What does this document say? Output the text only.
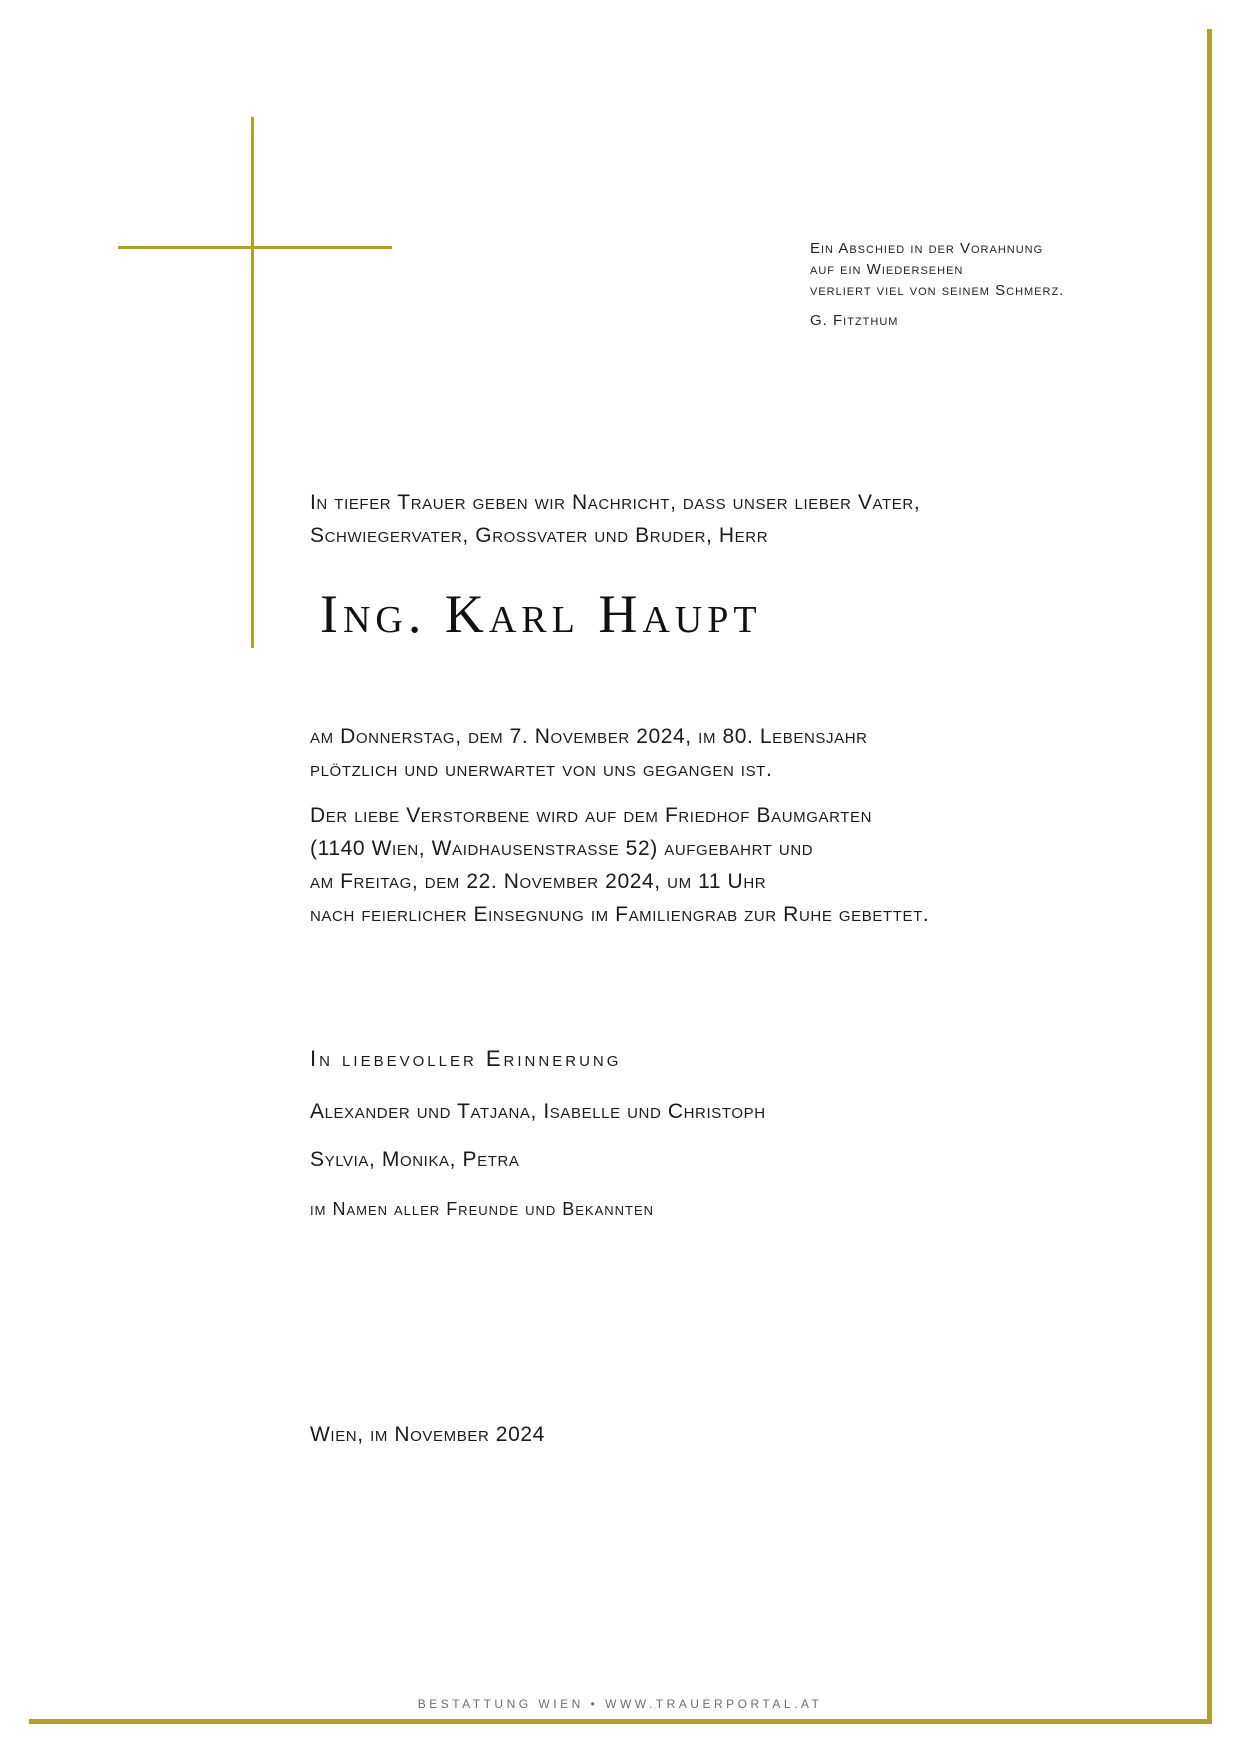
Ein Abschied in der Vorahnung
auf ein Wiedersehen
verliert viel von seinem Schmerz.
G. Fitzthum
In tiefer Trauer geben wir Nachricht, dass unser lieber Vater,
Schwiegervater, Grossvater und Bruder, Herr
Ing. Karl Haupt
am Donnerstag, dem 7. November 2024, im 80. Lebensjahr
plötzlich und unerwartet von uns gegangen ist.
Der liebe Verstorbene wird auf dem Friedhof Baumgarten
(1140 Wien, Waidhausenstrasse 52) aufgebahrt und
am Freitag, dem 22. November 2024, um 11 Uhr
nach feierlicher Einsegnung im Familiengrab zur Ruhe gebettet.
In liebevoller Erinnerung
Alexander und Tatjana, Isabelle und Christoph
Sylvia, Monika, Petra
im Namen aller Freunde und Bekannten
Wien, im November 2024
BESTATTUNG WIEN • WWW.TRAUERPORTAL.AT
